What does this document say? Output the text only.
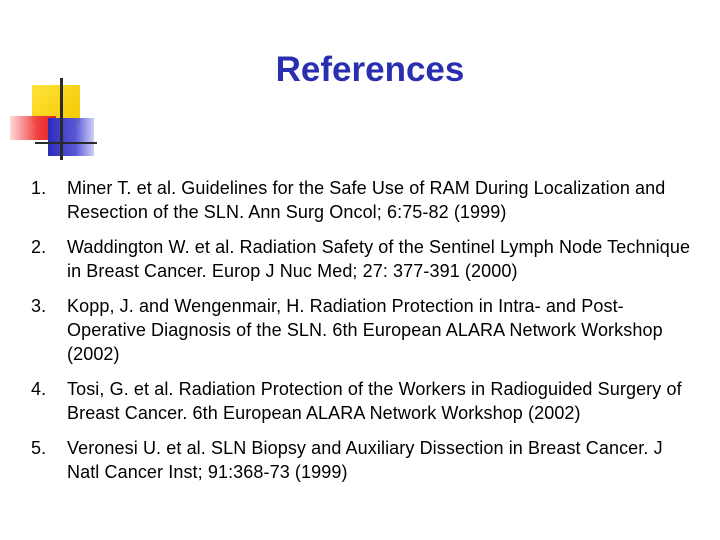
References
1. Miner T. et al. Guidelines for the Safe Use of RAM During Localization and Resection of the SLN. Ann Surg Oncol; 6:75-82 (1999)
2. Waddington W. et al. Radiation Safety of the Sentinel Lymph Node Technique in Breast Cancer. Europ J Nuc Med; 27: 377-391 (2000)
3. Kopp, J. and Wengenmair, H. Radiation Protection in Intra- and Post-Operative Diagnosis of the SLN. 6th European ALARA Network Workshop (2002)
4. Tosi, G. et al. Radiation Protection of the Workers in Radioguided Surgery of Breast Cancer. 6th European ALARA Network Workshop (2002)
5. Veronesi U. et al. SLN Biopsy and Auxiliary Dissection in Breast Cancer. J Natl Cancer Inst; 91:368-73 (1999)
